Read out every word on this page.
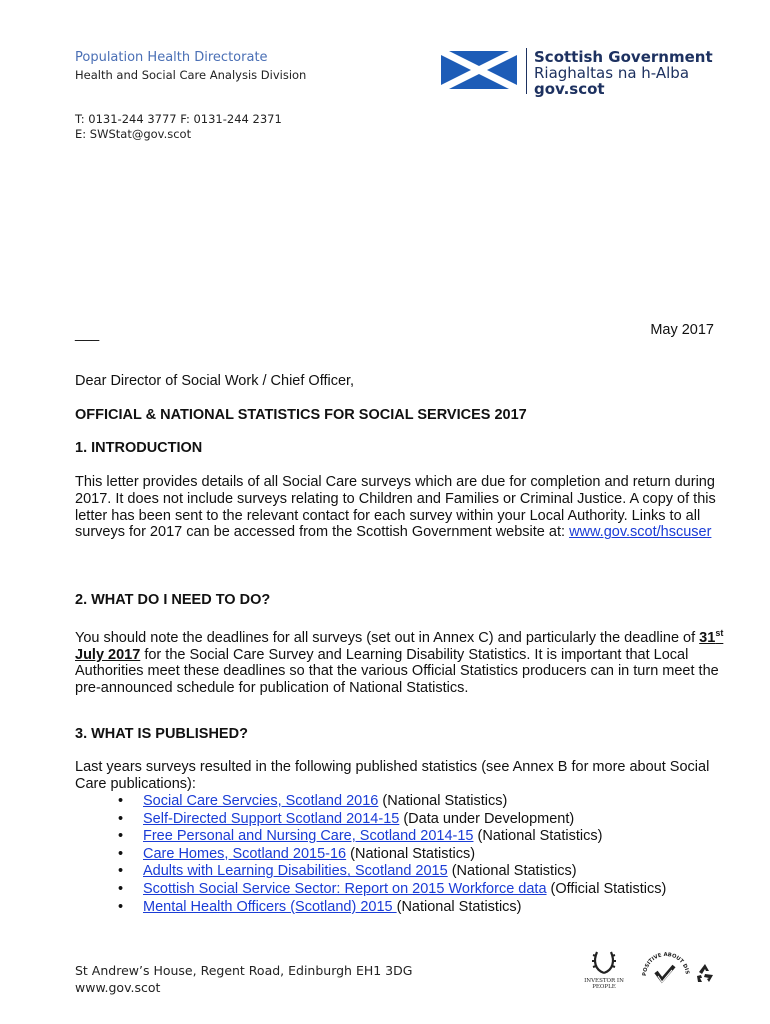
Population Health Directorate
Health and Social Care Analysis Division
T: 0131-244 3777 F: 0131-244 2371
E: SWStat@gov.scot
Scottish Government
Riaghaltas na h-Alba
gov.scot
___	May 2017
Dear Director of Social Work / Chief Officer,
OFFICIAL & NATIONAL STATISTICS FOR SOCIAL SERVICES 2017
1. INTRODUCTION
This letter provides details of all Social Care surveys which are due for completion and return during 2017. It does not include surveys relating to Children and Families or Criminal Justice. A copy of this letter has been sent to the relevant contact for each survey within your Local Authority. Links to all surveys for 2017 can be accessed from the Scottish Government website at: www.gov.scot/hscuser
2. WHAT DO I NEED TO DO?
You should note the deadlines for all surveys (set out in Annex C) and particularly the deadline of 31st July 2017 for the Social Care Survey and Learning Disability Statistics. It is important that Local Authorities meet these deadlines so that the various Official Statistics producers can in turn meet the pre-announced schedule for publication of National Statistics.
3. WHAT IS PUBLISHED?
Last years surveys resulted in the following published statistics (see Annex B for more about Social Care publications):
• Social Care Servcies, Scotland 2016 (National Statistics)
• Self-Directed Support Scotland 2014-15 (Data under Development)
• Free Personal and Nursing Care, Scotland 2014-15 (National Statistics)
• Care Homes, Scotland 2015-16 (National Statistics)
• Adults with Learning Disabilities, Scotland 2015 (National Statistics)
• Scottish Social Service Sector: Report on 2015 Workforce data (Official Statistics)
• Mental Health Officers (Scotland) 2015 (National Statistics)
St Andrew’s House, Regent Road, Edinburgh EH1 3DG
www.gov.scot	INVESTOR IN PEOPLE
POSITIVE ABOUT DIS
